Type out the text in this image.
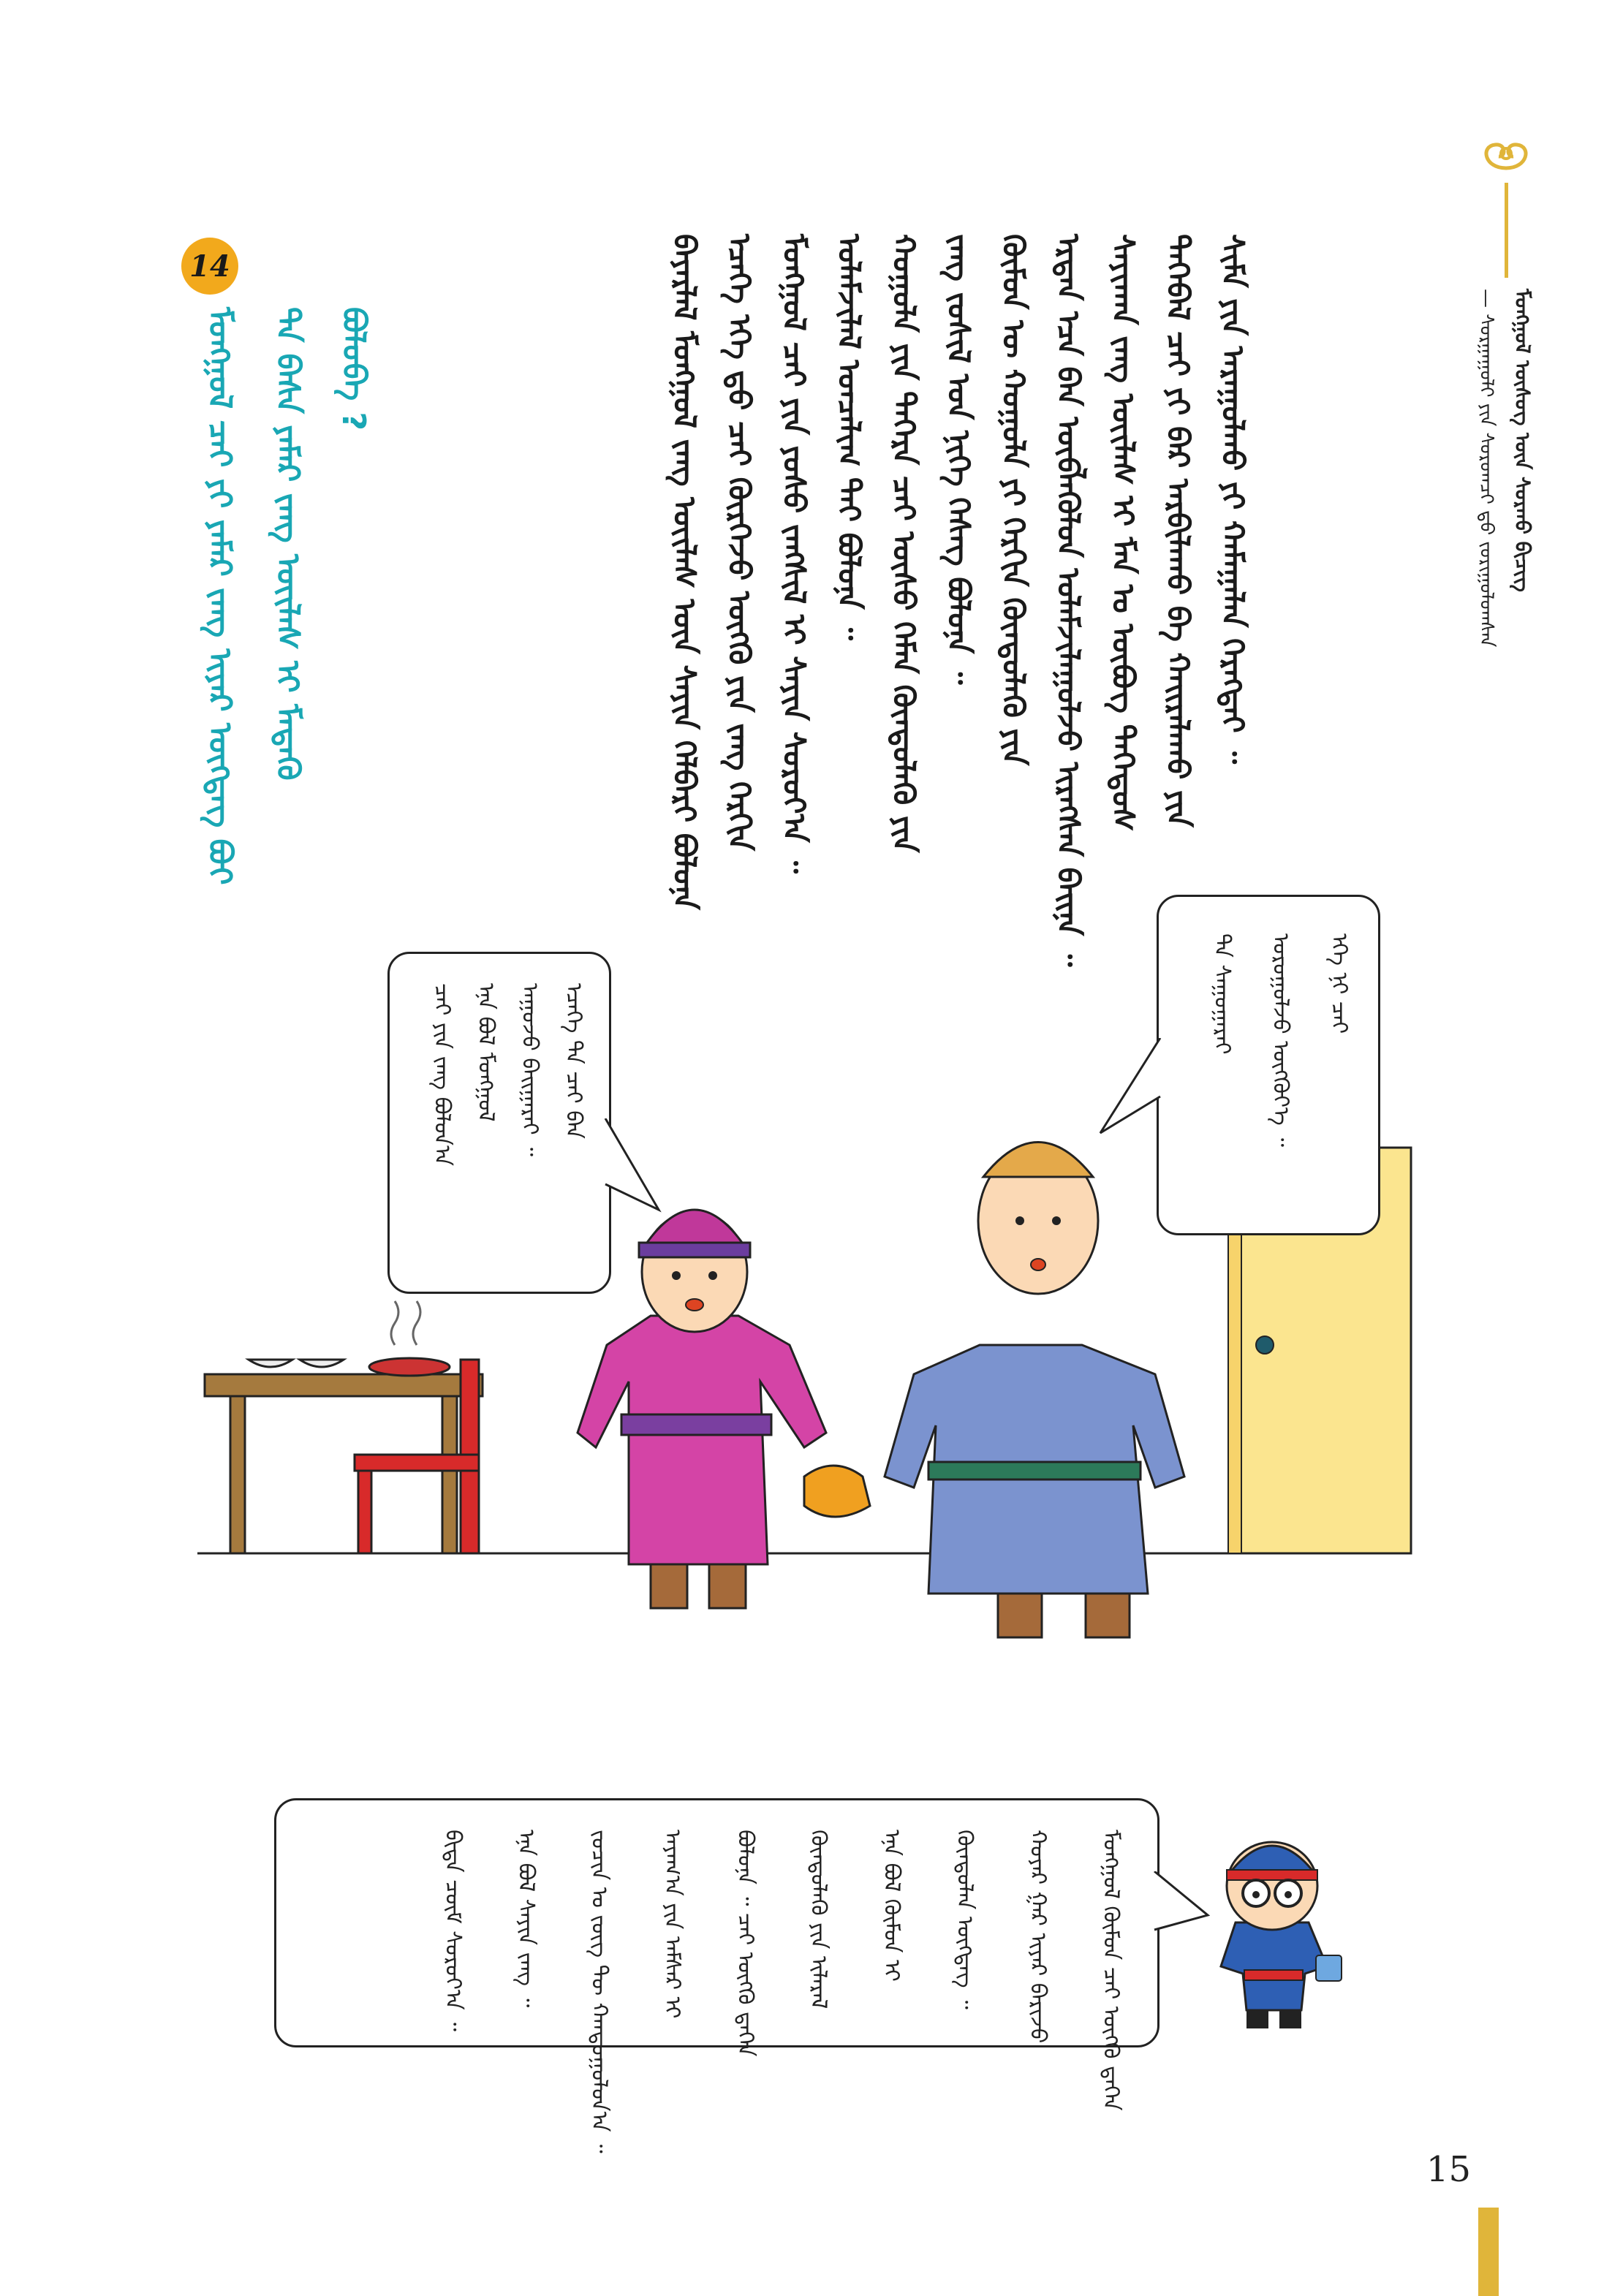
ᠮᠣᠩᠭᠣᠯ ᠦᠰᠦᠭ ᠦᠨ ᠰᠤᠷᠬᠤ ᠪᠢᠴᠢᠭ
— ᠰᠤᠷᠭᠠᠭᠤᠯᠢ ᠶᠢᠨ ᠰᠤᠷᠤᠭᠴᠢ ᠳ᠋ᠤ ᠵᠣᠷᠢᠭᠤᠯᠤᠭᠰᠠᠨ
ᠰᠢᠮᠡ ᠶᠢᠨ ᠠᠷᠠᠭᠤᠯᠬᠤ ᠶᠢ ᠬᠠᠮᠠᠭᠠᠯᠠᠨ ᠬᠡᠷᠡᠭᠲᠡᠢ ᠃
ᠲᠡᠭᠡᠪᠡᠯ ᠴᠠᠢ ᠶᠢ ᠪᠠᠷ ᠠᠷᠪᠢᠯᠠᠬᠤ ᠪᠠ ᠬᠠᠢᠷᠠᠯᠠᠬᠤ ᠶᠢᠨ
ᠰᠠᠶᠢᠬᠠᠨ ᠵᠠᠩ ᠦᠢᠯᠡᠰ ᠢ ᠮᠠᠨ ᠤ ᠥᠪᠥᠭ ᠳᠡᠭᠡᠳᠦᠰ
ᠡᠷᠲᠡᠨ ᠡᠴᠡ ᠪᠠᠨ ᠥᠪᠯᠡᠭᠦᠯᠦᠨ ᠤᠯᠠᠮᠵᠢᠯᠠᠭᠤᠯᠵᠤ ᠢᠷᠡᠭᠰᠡᠨ ᠪᠠᠢᠨᠠ ᠃
ᠬᠦᠮᠦᠨ ᠦ ᠬᠣᠭᠣᠯᠠ ᠶᠢ ᠬᠡᠷᠬᠢᠨ ᠬᠦᠨᠳᠦᠯᠡᠬᠦ ᠶᠢᠨ
ᠵᠠᠩ ᠵᠤᠰᠢᠯ ᠤᠨ ᠨᠢᠭᠡ ᠬᠡᠰᠡᠭ ᠪᠣᠯᠤᠨᠠ ᠃
ᠬᠣᠭᠣᠯᠠ ᠶᠢᠨ ᠳᠡᠭᠡᠷᠡ ᠴᠠᠢ ᠦᠰᠦ ᠬᠡᠮᠡᠨ ᠬᠦᠨᠳᠦᠯᠡᠬᠦ ᠶᠢᠨ
ᠤᠯᠠᠮᠵᠢᠯᠠᠯ ᠣᠨᠴᠠᠯᠢᠭ ᠲᠠᠢ ᠪᠣᠯᠤᠨᠠ ᠃
ᠮᠣᠩᠭᠣᠯ ᠴᠠᠢ ᠶᠢᠨ ᠶᠣᠰᠣ ᠵᠠᠩᠰᠢᠯ ᠢ ᠰᠠᠶᠢᠨ ᠰᠤᠷᠤᠶ᠎ᠠ ᠃
ᠡᠴᠡᠭᠡ ᠡᠬᠡ ᠳ᠋ᠤ ᠴᠠᠢ ᠬᠦᠷᠭᠡᠵᠦ ᠥᠭᠬᠦ ᠶᠢᠨ ᠵᠠᠩ ᠬᠡᠷᠬᠢᠨ
ᠪᠠᠶᠠᠷᠯᠠᠯ ᠮᠣᠩᠭᠣᠯ ᠵᠠᠩ ᠦᠢᠯᠡᠰ ᠦᠨ ᠰᠠᠶᠢᠨ ᠬᠡᠯᠪᠡᠷᠢ ᠪᠣᠯᠤᠨᠠ
14
ᠮᠣᠩᠭᠣᠯ ᠴᠠᠢ ᠶᠢ ᠶᠠᠮᠠᠷ ᠵᠠᠩ ᠢᠶᠠᠷ ᠥᠭᠳᠡᠭ ᠪᠤᠢ ᠲᠠ ᠪᠠᠰᠠ ᠶᠠᠮᠠᠷ ᠵᠠᠩ ᠦᠢᠯᠡᠰ ᠢ ᠮᠡᠳᠡᠬᠦ ᠪᠣᠯᠣᠪᠠ ?
ᠡᠬᠡ ᠨᠢ ᠴᠠᠢ
ᠣᠷᠣᠭᠣᠯᠵᠤ ᠥᠭᠭᠦᠶ᠎ᠡ ᠃
ᠲᠠ ᠰᠠᠭᠤᠭᠠᠷᠠᠢ
ᠡᠴᠡᠭᠡ ᠲᠠ ᠴᠠᠢ ᠪᠠᠨ
ᠠᠭᠤᠵᠤ ᠪᠠᠢᠭᠠᠷᠠᠢ ᠃
ᠡᠨᠡ ᠪᠣᠯ ᠮᠣᠩᠭᠣᠯ
ᠴᠠᠢ ᠶᠢᠨ ᠵᠠᠩ ᠪᠣᠯᠤᠨ᠎ᠠ
ᠮᠣᠩᠭᠣᠯ ᠬᠦᠮᠦᠨ ᠴᠠᠢ ᠥᠭᠬᠦ ᠳ᠋ᠡᠭᠡᠨ
ᠬᠣᠶᠠᠷ ᠭᠠᠷ ᠢᠶᠠᠷ ᠪᠠᠷᠢᠵᠤ
ᠬᠦᠨᠳᠦᠯᠡᠨ ᠥᠭᠳᠡᠭ ᠃
ᠡᠨᠡ ᠪᠣᠯ ᠬᠦᠮᠦᠨ ᠢ
ᠬᠦᠨᠳᠦᠯᠡᠬᠦ ᠶᠢᠨ ᠢᠯᠡᠷᠡᠯ
ᠪᠣᠯᠤᠨᠠ ᠃ ᠴᠠᠢ ᠥᠭᠬᠦ ᠳ᠋ᠡᠭᠡᠨ
ᠠᠶᠠᠭ᠎ᠠ ᠶᠢᠨ ᠠᠮᠰᠠᠷ ᠢ
ᠵᠣᠴᠢᠨ ᠤ ᠵᠦᠭ ᠲᠦ ᠬᠠᠨᠳᠤᠭᠤᠯᠤᠨ᠎ᠠ ᠃
ᠡᠨᠡ ᠪᠣᠯ ᠰᠠᠶᠢᠨ ᠵᠠᠩ ᠃
ᠪᠢᠳᠡ ᠴᠦᠮ ᠰᠤᠷᠤᠶ᠎ᠠ ᠃
15
